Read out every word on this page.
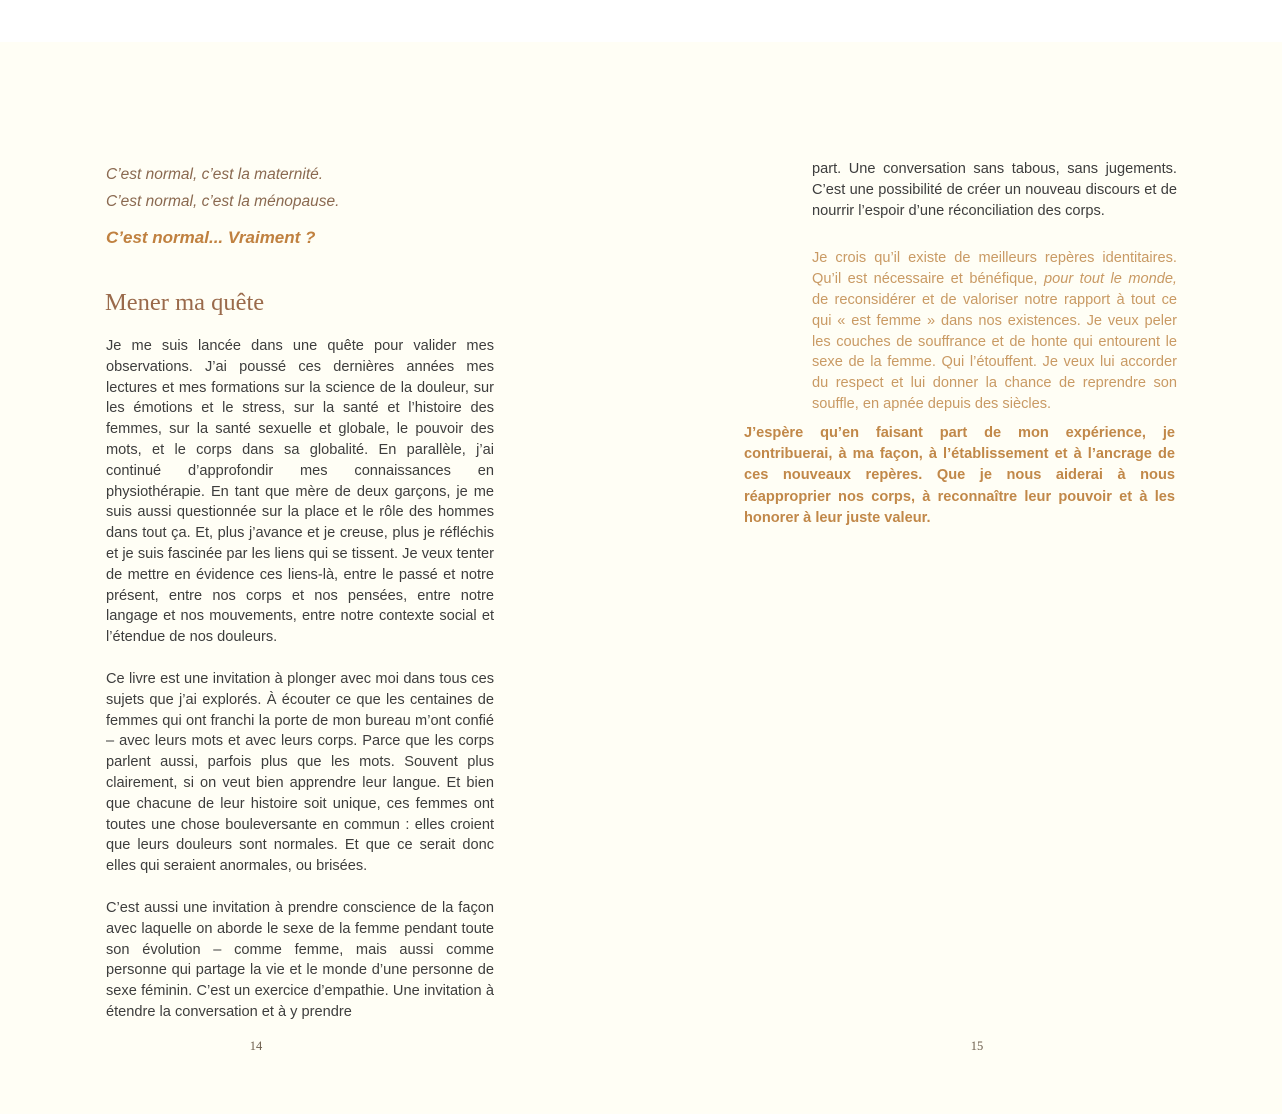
C’est normal, c’est la maternité.
C’est normal, c’est la ménopause.
C’est normal... Vraiment ?
Mener ma quête

Je me suis lancée dans une quête pour valider mes observations. J’ai poussé ces dernières années mes lectures et mes formations sur la science de la douleur, sur les émotions et le stress, sur la santé et l’histoire des femmes, sur la santé sexuelle et globale, le pouvoir des mots, et le corps dans sa globalité. En parallèle, j’ai continué d’approfondir mes connaissances en physiothérapie. En tant que mère de deux garçons, je me suis aussi questionnée sur la place et le rôle des hommes dans tout ça. Et, plus j’avance et je creuse, plus je réfléchis et je suis fascinée par les liens qui se tissent. Je veux tenter de mettre en évidence ces liens-là, entre le passé et notre présent, entre nos corps et nos pensées, entre notre langage et nos mouvements, entre notre contexte social et l’étendue de nos douleurs.

Ce livre est une invitation à plonger avec moi dans tous ces sujets que j’ai explorés. À écouter ce que les centaines de femmes qui ont franchi la porte de mon bureau m’ont confié – avec leurs mots et avec leurs corps. Parce que les corps parlent aussi, parfois plus que les mots. Souvent plus clairement, si on veut bien apprendre leur langue. Et bien que chacune de leur histoire soit unique, ces femmes ont toutes une chose bouleversante en commun : elles croient que leurs douleurs sont normales. Et que ce serait donc elles qui seraient anormales, ou brisées.

C’est aussi une invitation à prendre conscience de la façon avec laquelle on aborde le sexe de la femme pendant toute son évolution – comme femme, mais aussi comme personne qui partage la vie et le monde d’une personne de sexe féminin. C’est un exercice d’empathie. Une invitation à étendre la conversation et à y prendre

14

part. Une conversation sans tabous, sans jugements. C’est une possibilité de créer un nouveau discours et de nourrir l’espoir d’une réconciliation des corps.

Je crois qu’il existe de meilleurs repères identitaires. Qu’il est nécessaire et bénéfique, pour tout le monde, de reconsidérer et de valoriser notre rapport à tout ce qui « est femme » dans nos existences. Je veux peler les couches de souffrance et de honte qui entourent le sexe de la femme. Qui l’étouffent. Je veux lui accorder du respect et lui donner la chance de reprendre son souffle, en apnée depuis des siècles.

J’espère qu’en faisant part de mon expérience, je contribuerai, à ma façon, à l’établissement et à l’ancrage de ces nouveaux repères. Que je nous aiderai à nous réapproprier nos corps, à reconnaître leur pouvoir et à les honorer à leur juste valeur.
15
